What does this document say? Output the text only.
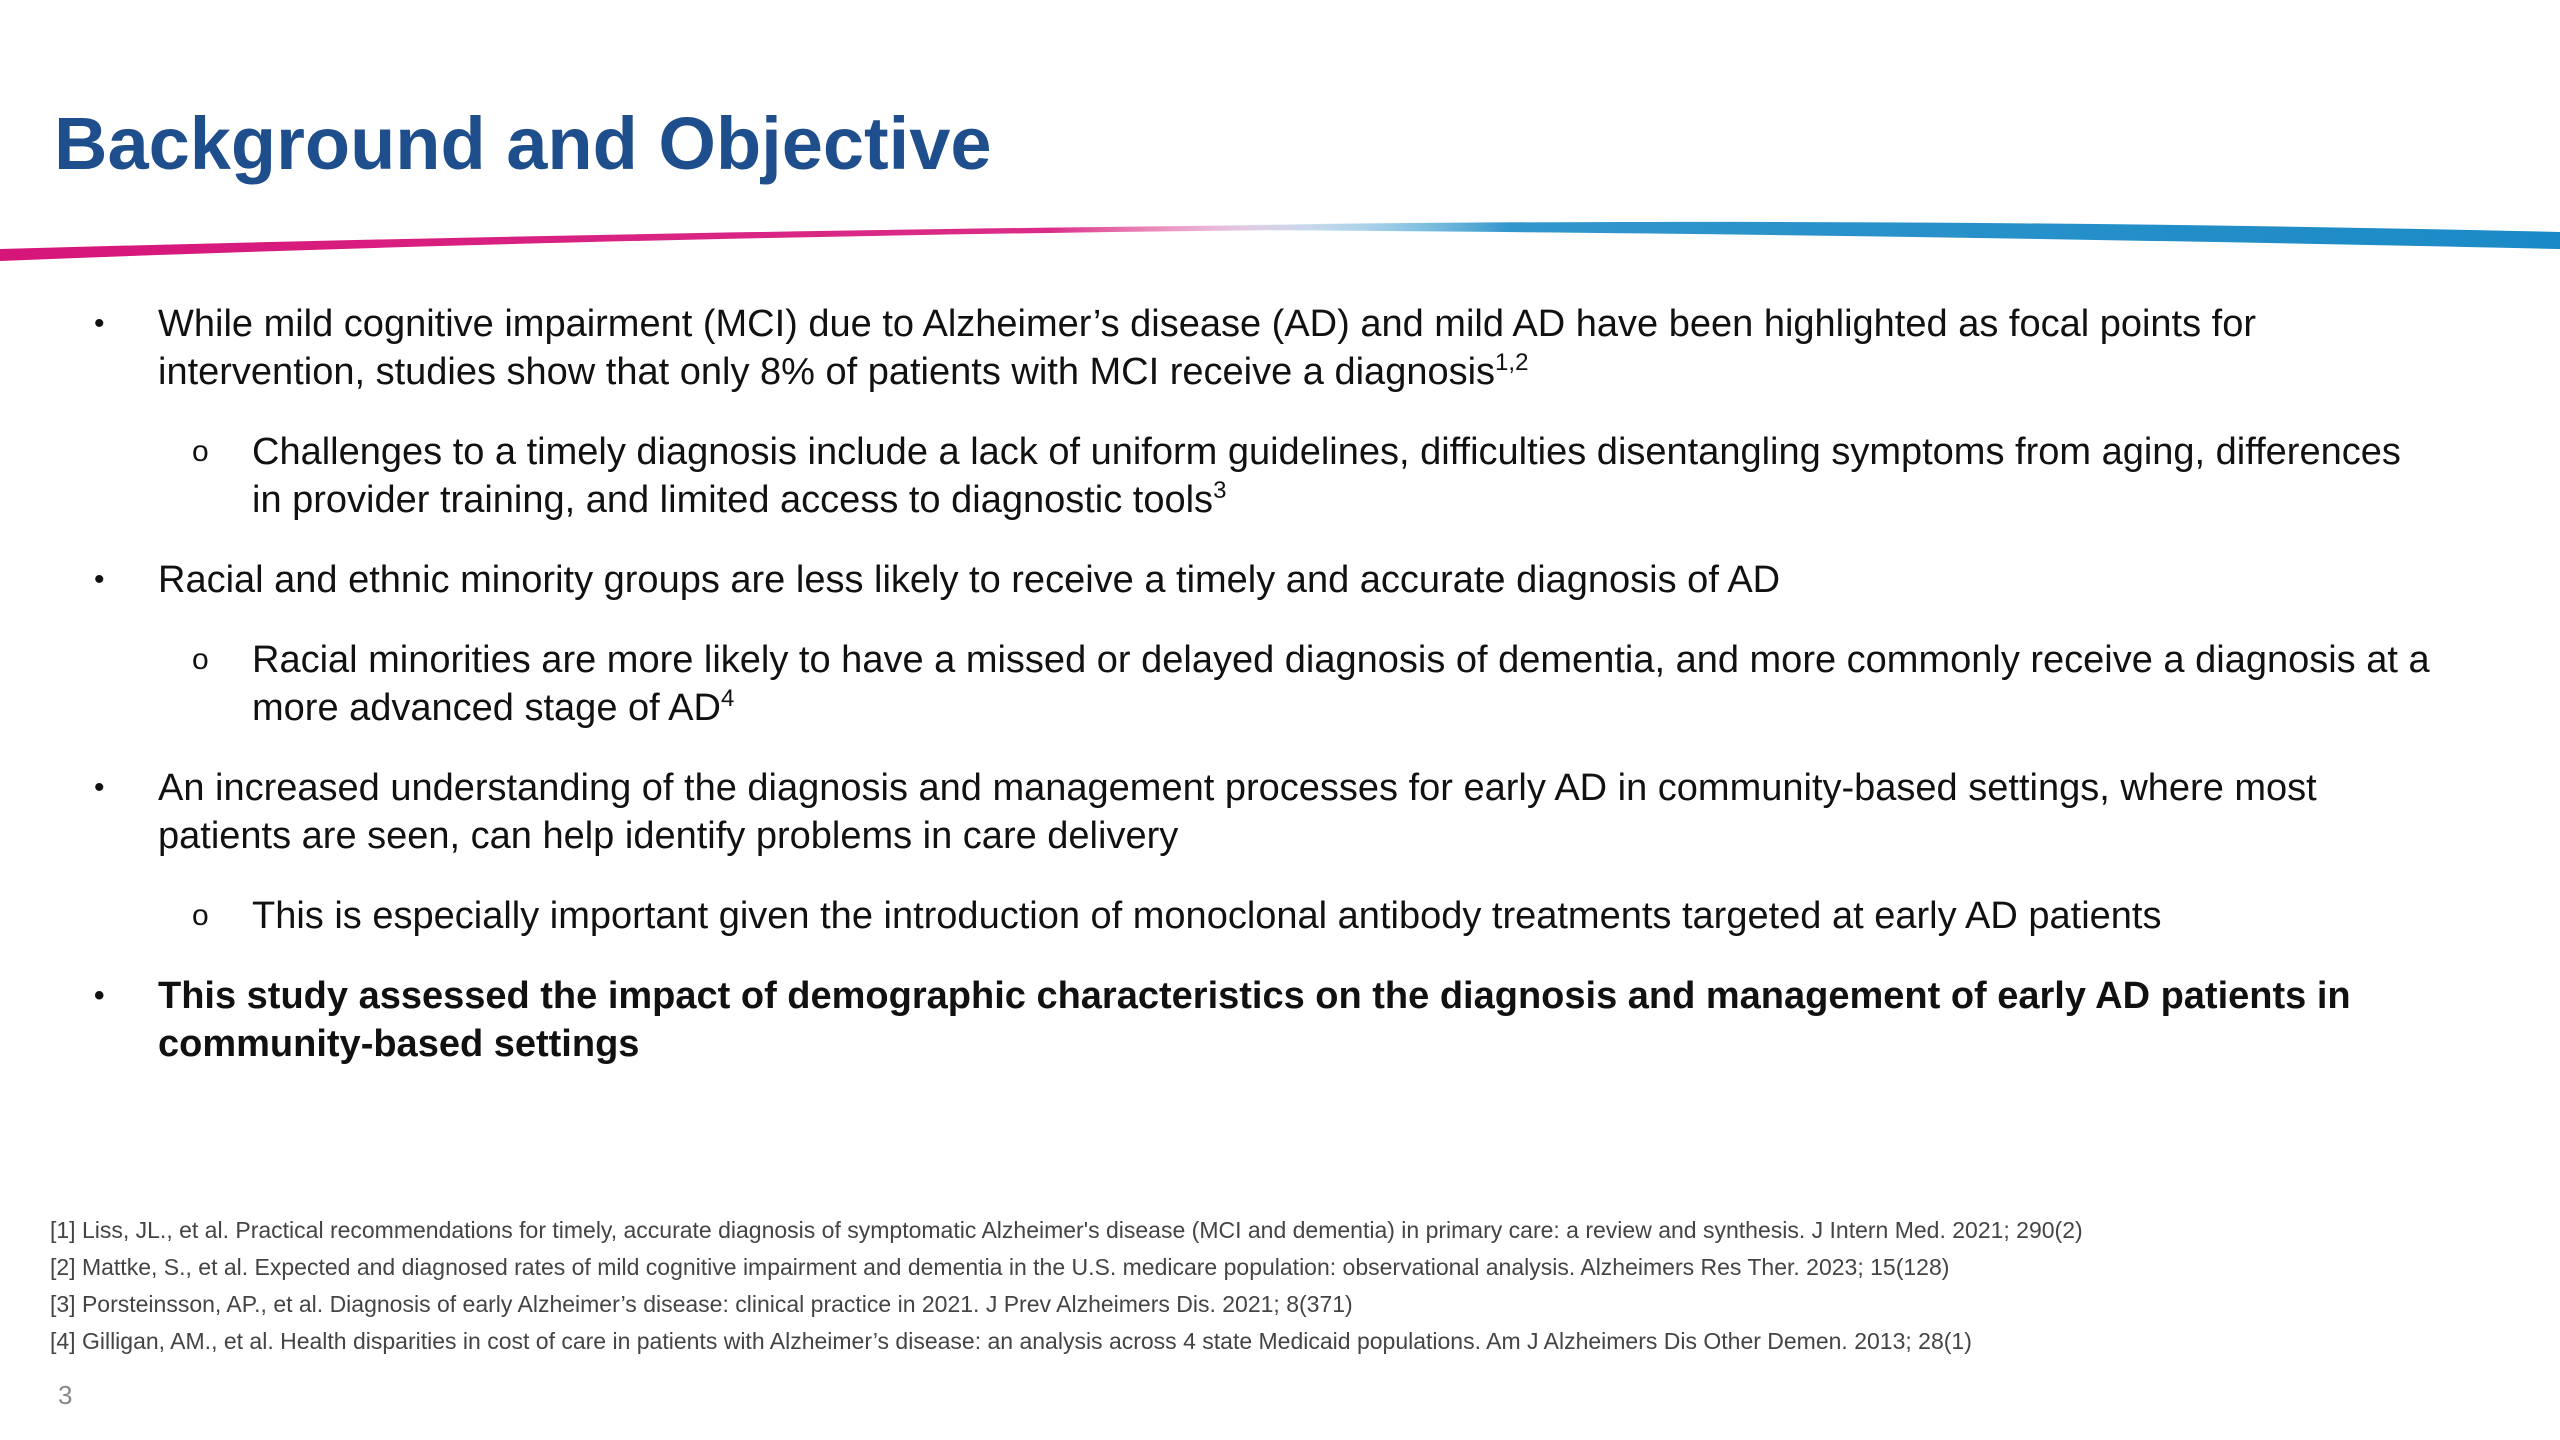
Background and Objective
• While mild cognitive impairment (MCI) due to Alzheimer’s disease (AD) and mild AD have been highlighted as focal points for intervention, studies show that only 8% of patients with MCI receive a diagnosis$^{1,2}$
o Challenges to a timely diagnosis include a lack of uniform guidelines, difficulties disentangling symptoms from aging, differences in provider training, and limited access to diagnostic tools$^3$
• Racial and ethnic minority groups are less likely to receive a timely and accurate diagnosis of AD
o Racial minorities are more likely to have a missed or delayed diagnosis of dementia, and more commonly receive a diagnosis at a more advanced stage of $AD^4$
• An increased understanding of the diagnosis and management processes for early AD in community-based settings, where most patients are seen, can help identify problems in care delivery
o This is especially important given the introduction of monoclonal antibody treatments targeted at early AD patients
• This study assessed the impact of demographic characteristics on the diagnosis and management of early AD patients in community-based settings
[1] Liss, JL., et al. Practical recommendations for timely, accurate diagnosis of symptomatic Alzheimer's disease (MCI and dementia) in primary care: a review and synthesis. J Intern Med. 2021; 290(2)
[2] Mattke, S., et al. Expected and diagnosed rates of mild cognitive impairment and dementia in the U.S. medicare population: observational analysis. Alzheimers Res Ther. 2023; 15(128)
[3] Porsteinsson, AP., et al. Diagnosis of early Alzheimer’s disease: clinical practice in 2021. J Prev Alzheimers Dis. 2021; 8(371)
[4] Gilligan, AM., et al. Health disparities in cost of care in patients with Alzheimer’s disease: an analysis across 4 state Medicaid populations. Am J Alzheimers Dis Other Demen. 2013; 28(1)
3
